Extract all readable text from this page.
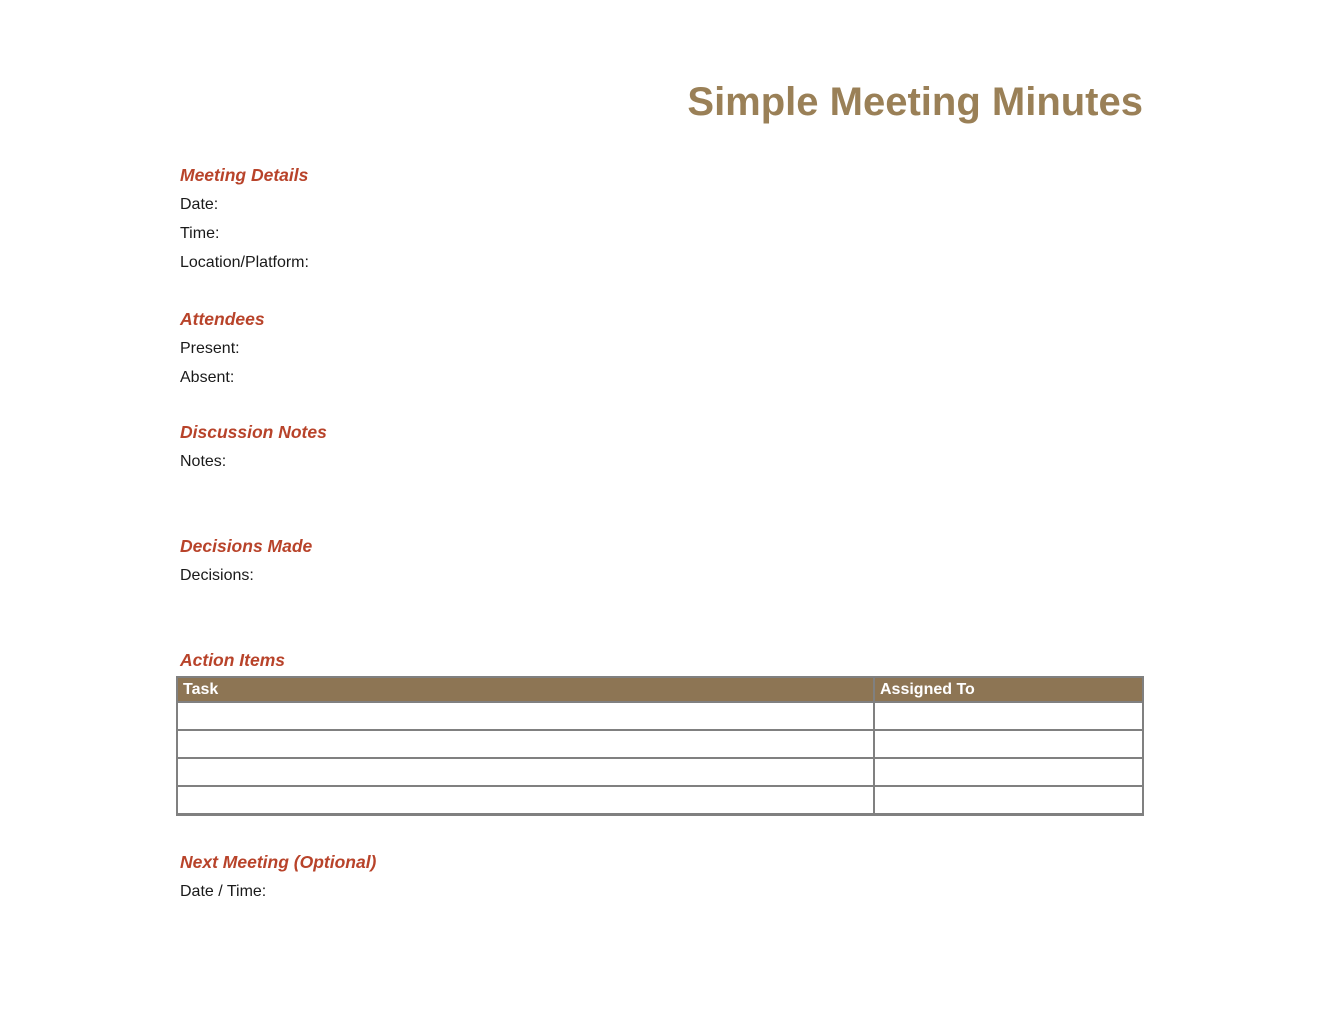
Simple Meeting Minutes
Meeting Details
Date:
Time:
Location/Platform:
Attendees
Present:
Absent:
Discussion Notes
Notes:
Decisions Made
Decisions:
Action Items
Task	Assigned To

Next Meeting (Optional)
Date / Time:
